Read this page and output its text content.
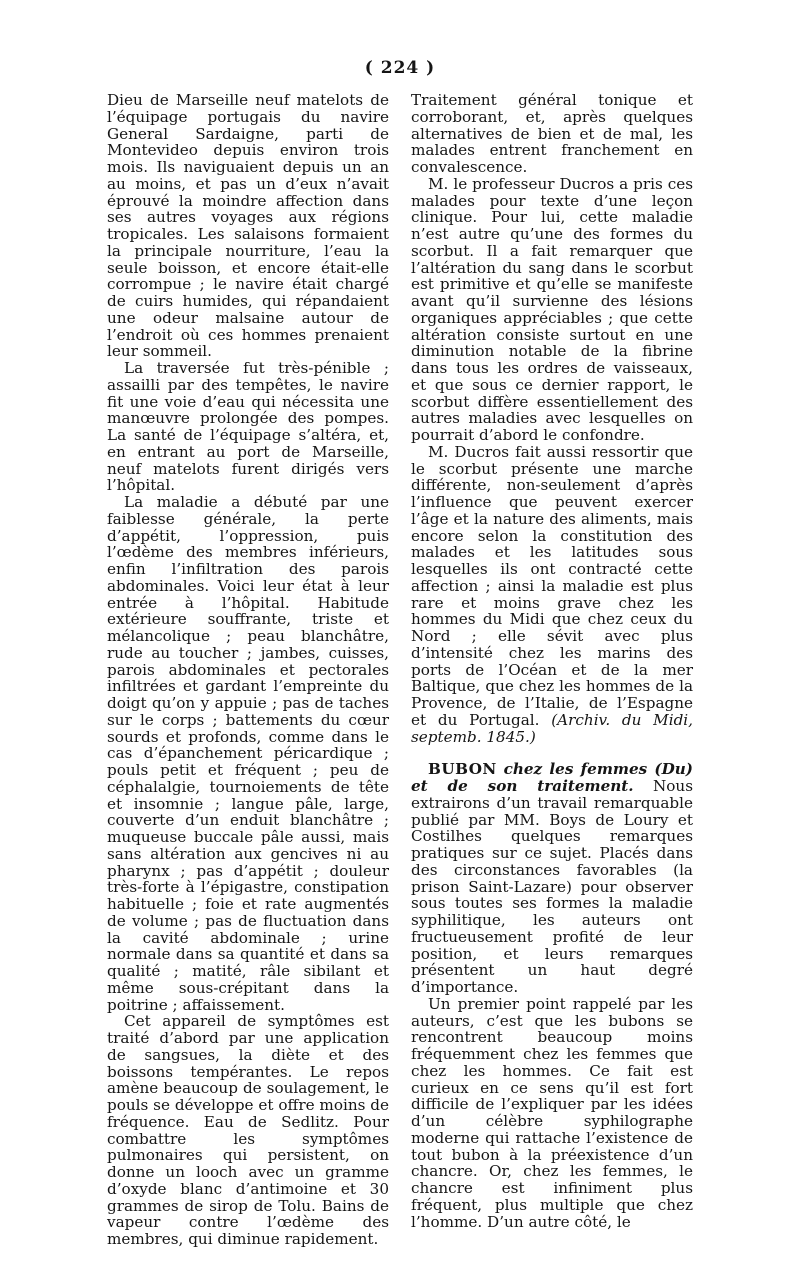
( 224 )

Dieu de Marseille neuf matelots de l’équipage portugais du navire General Sardaigne, parti de Montevideo depuis environ trois mois. Ils naviguaient depuis un an au moins, et pas un d’eux n’avait éprouvé la moindre affection dans ses autres voyages aux régions tropicales. Les salaisons formaient la principale nourriture, l’eau la seule boisson, et encore était-elle corrompue ; le navire était chargé de cuirs humides, qui répandaient une odeur malsaine autour de l’endroit où ces hommes prenaient leur sommeil.

La traversée fut très-pénible ; assailli par des tempêtes, le navire fit une voie d’eau qui nécessita une manœuvre prolongée des pompes. La santé de l’équipage s’altéra, et, en entrant au port de Marseille, neuf matelots furent dirigés vers l’hôpital.

La maladie a débuté par une faiblesse générale, la perte d’appétit, l’oppression, puis l’œdème des membres inférieurs, enfin l’infiltration des parois abdominales. Voici leur état à leur entrée à l’hôpital. Habitude extérieure souffrante, triste et mélancolique ; peau blanchâtre, rude au toucher ; jambes, cuisses, parois abdominales et pectorales infiltrées et gardant l’empreinte du doigt qu’on y appuie ; pas de taches sur le corps ; battements du cœur sourds et profonds, comme dans le cas d’épanchement péricardique ; pouls petit et fréquent ; peu de céphalalgie, tournoiements de tête et insomnie ; langue pâle, large, couverte d’un enduit blanchâtre ; muqueuse buccale pâle aussi, mais sans altération aux gencives ni au pharynx ; pas d’appétit ; douleur très-forte à l’épigastre, constipation habituelle ; foie et rate augmentés de volume ; pas de fluctuation dans la cavité abdominale ; urine normale dans sa quantité et dans sa qualité ; matité, râle sibilant et même sous-crépitant dans la poitrine ; affaissement.

Cet appareil de symptômes est traité d’abord par une application de sangsues, la diète et des boissons tempérantes. Le repos amène beaucoup de soulagement, le pouls se développe et offre moins de fréquence. Eau de Sedlitz. Pour combattre les symptômes pulmonaires qui persistent, on donne un looch avec un gramme d’oxyde blanc d’antimoine et 30 grammes de sirop de Tolu. Bains de vapeur contre l’œdème des membres, qui diminue rapidement.

Traitement général tonique et corroborant, et, après quelques alternatives de bien et de mal, les malades entrent franchement en convalescence.

M. le professeur Ducros a pris ces malades pour texte d’une leçon clinique. Pour lui, cette maladie n’est autre qu’une des formes du scorbut. Il a fait remarquer que l’altération du sang dans le scorbut est primitive et qu’elle se manifeste avant qu’il survienne des lésions organiques appréciables ; que cette altération consiste surtout en une diminution notable de la fibrine dans tous les ordres de vaisseaux, et que sous ce dernier rapport, le scorbut diffère essentiellement des autres maladies avec lesquelles on pourrait d’abord le confondre.

M. Ducros fait aussi ressortir que le scorbut présente une marche différente, non-seulement d’après l’influence que peuvent exercer l’âge et la nature des aliments, mais encore selon la constitution des malades et les latitudes sous lesquelles ils ont contracté cette affection ; ainsi la maladie est plus rare et moins grave chez les hommes du Midi que chez ceux du Nord ; elle sévit avec plus d’intensité chez les marins des ports de l’Océan et de la mer Baltique, que chez les hommes de la Provence, de l’Italie, de l’Espagne et du Portugal. (Archiv. du Midi, septemb. 1845.)

BUBON chez les femmes (Du) et de son traitement. Nous extrairons d’un travail remarquable publié par MM. Boys de Loury et Costilhes quelques remarques pratiques sur ce sujet. Placés dans des circonstances favorables (la prison Saint-Lazare) pour observer sous toutes ses formes la maladie syphilitique, les auteurs ont fructueusement profité de leur position, et leurs remarques présentent un haut degré d’importance.

Un premier point rappelé par les auteurs, c’est que les bubons se rencontrent beaucoup moins fréquemment chez les femmes que chez les hommes. Ce fait est curieux en ce sens qu’il est fort difficile de l’expliquer par les idées d’un célèbre syphilographe moderne qui rattache l’existence de tout bubon à la préexistence d’un chancre. Or, chez les femmes, le chancre est infiniment plus fréquent, plus multiple que chez l’homme. D’un autre côté, le
